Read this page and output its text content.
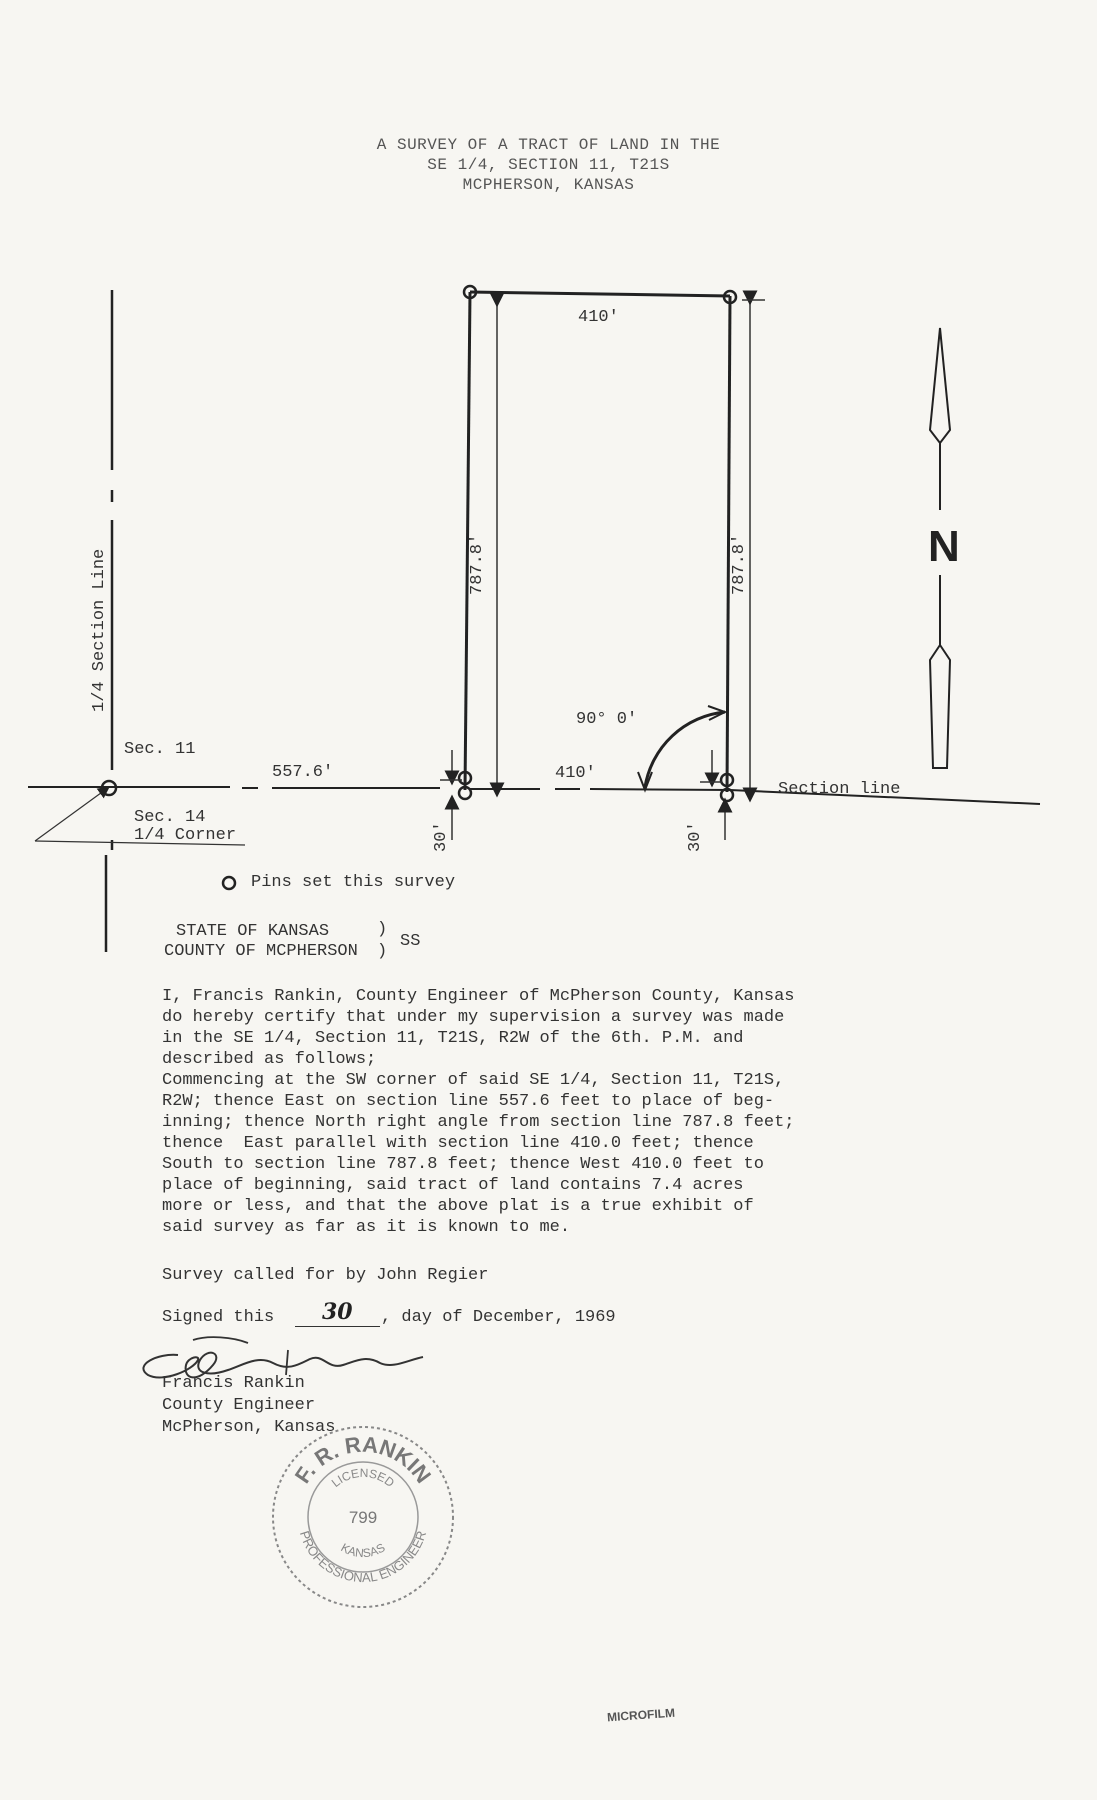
A SURVEY OF A TRACT OF LAND IN THE
SE 1/4, SECTION 11, T21S
MCPHERSON, KANSAS
410'
410'
557.6'
787.8'	787.8'
90° 0'
30'	30'
1/4 Section Line
Section line
Sec. 11
Sec. 14
1/4 Corner
N
Pins set this survey
STATE OF KANSAS	)
COUNTY OF MCPHERSON )
SS
I, Francis Rankin, County Engineer of McPherson County, Kansas
do hereby certify that under my supervision a survey was made
in the SE 1/4, Section 11, T21S, R2W of the 6th. P.M. and
described as follows;
Commencing at the SW corner of said SE 1/4, Section 11, T21S,
R2W; thence East on section line 557.6 feet to place of beg-
inning; thence North right angle from section line 787.8 feet;
thence  East parallel with section line 410.0 feet; thence
South to section line 787.8 feet; thence West 410.0 feet to
place of beginning, said tract of land contains 7.4 acres
more or less, and that the above plat is a true exhibit of
said survey as far as it is known to me.
Survey called for by John Regier
Signed this 30 , day of December, 1969
Francis Rankin
County Engineer
McPherson, Kansas
F. R. RANKIN
PROFESSIONAL ENGINEER
LICENSED
KANSAS
799
MICROFILM
